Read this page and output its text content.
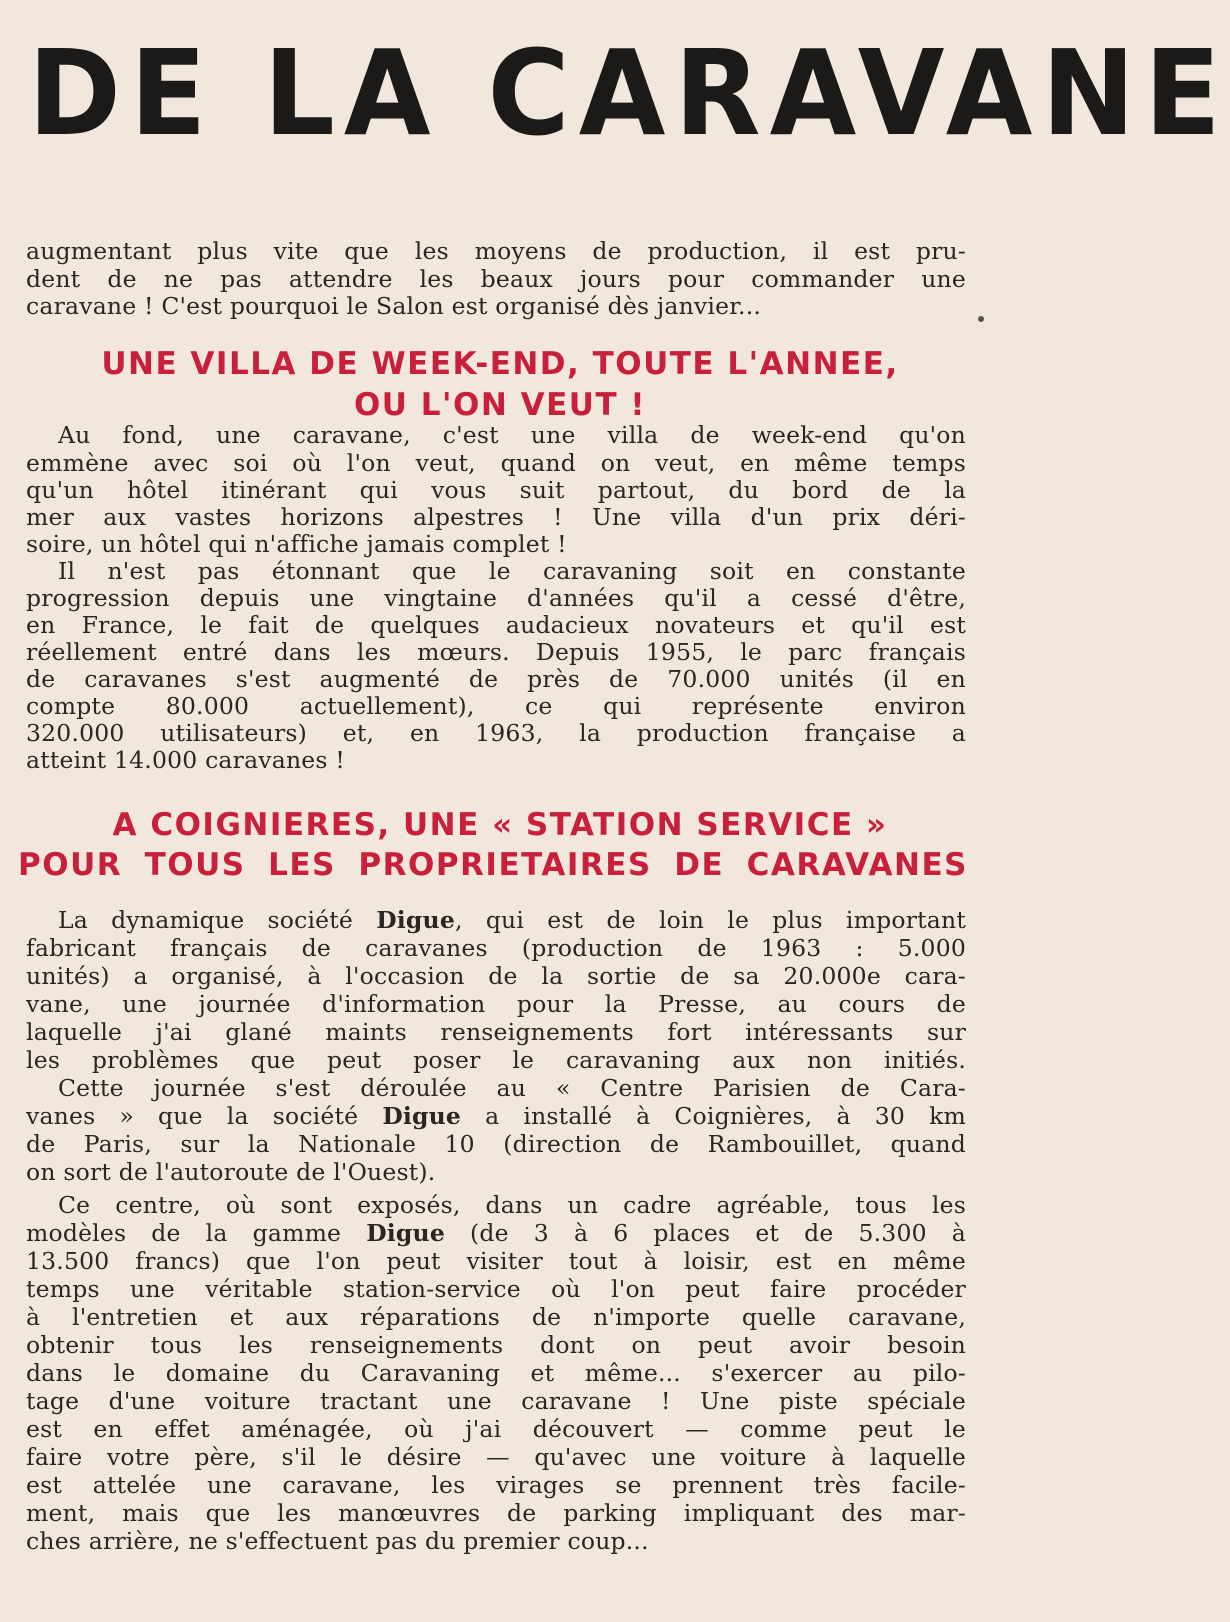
DE LA CARAVANE
augmentant plus vite que les moyens de production, il est pru-
dent de ne pas attendre les beaux jours pour commander une
caravane ! C'est pourquoi le Salon est organisé dès janvier...
UNE VILLA DE WEEK-END, TOUTE L'ANNEE,
OU L'ON VEUT !
Au fond, une caravane, c'est une villa de week-end qu'on
emmène avec soi où l'on veut, quand on veut, en même temps
qu'un hôtel itinérant qui vous suit partout, du bord de la
mer aux vastes horizons alpestres ! Une villa d'un prix déri-
soire, un hôtel qui n'affiche jamais complet !
Il n'est pas étonnant que le caravaning soit en constante
progression depuis une vingtaine d'années qu'il a cessé d'être,
en France, le fait de quelques audacieux novateurs et qu'il est
réellement entré dans les mœurs. Depuis 1955, le parc français
de caravanes s'est augmenté de près de 70.000 unités (il en
compte 80.000 actuellement), ce qui représente environ
320.000 utilisateurs) et, en 1963, la production française a
atteint 14.000 caravanes !
A COIGNIERES, UNE « STATION SERVICE »
POUR TOUS LES PROPRIETAIRES DE CARAVANES
La dynamique société Digue, qui est de loin le plus important
fabricant français de caravanes (production de 1963 : 5.000
unités) a organisé, à l'occasion de la sortie de sa 20.000e cara-
vane, une journée d'information pour la Presse, au cours de
laquelle j'ai glané maints renseignements fort intéressants sur
les problèmes que peut poser le caravaning aux non initiés.
Cette journée s'est déroulée au « Centre Parisien de Cara-
vanes » que la société Digue a installé à Coignières, à 30 km
de Paris, sur la Nationale 10 (direction de Rambouillet, quand
on sort de l'autoroute de l'Ouest).
Ce centre, où sont exposés, dans un cadre agréable, tous les
modèles de la gamme Digue (de 3 à 6 places et de 5.300 à
13.500 francs) que l'on peut visiter tout à loisir, est en même
temps une véritable station-service où l'on peut faire procéder
à l'entretien et aux réparations de n'importe quelle caravane,
obtenir tous les renseignements dont on peut avoir besoin
dans le domaine du Caravaning et même... s'exercer au pilo-
tage d'une voiture tractant une caravane ! Une piste spéciale
est en effet aménagée, où j'ai découvert — comme peut le
faire votre père, s'il le désire — qu'avec une voiture à laquelle
est attelée une caravane, les virages se prennent très facile-
ment, mais que les manœuvres de parking impliquant des mar-
ches arrière, ne s'effectuent pas du premier coup...
